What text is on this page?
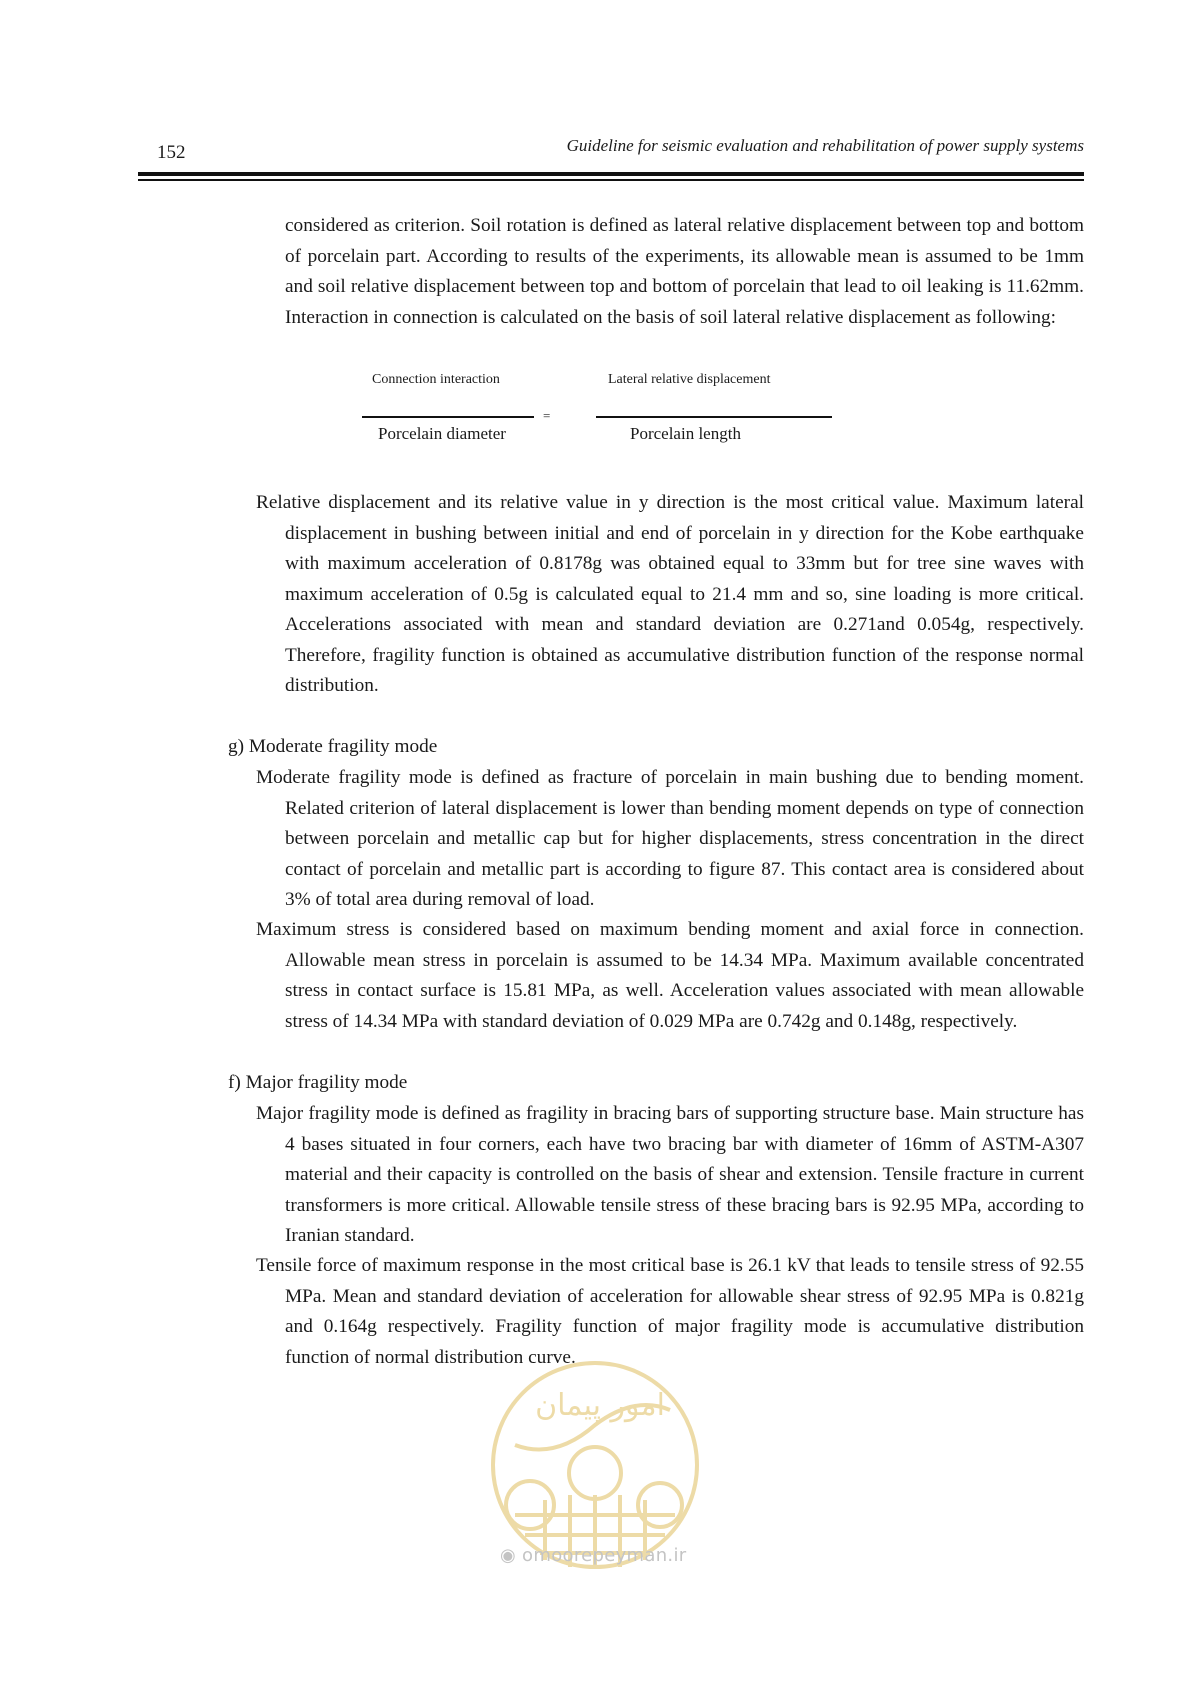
152	Guideline for seismic evaluation and rehabilitation of power supply systems

considered as criterion. Soil rotation is defined as lateral relative displacement between top and bottom of porcelain part. According to results of the experiments, its allowable mean is assumed to be 1mm and soil relative displacement between top and bottom of porcelain that lead to oil leaking is 11.62mm. Interaction in connection is calculated on the basis of soil lateral relative displacement as following:

Connection interaction
Porcelain diameter
=
Lateral relative displacement
Porcelain length

Relative displacement and its relative value in y direction is the most critical value. Maximum lateral displacement in bushing between initial and end of porcelain in y direction for the Kobe earthquake with maximum acceleration of 0.8178g was obtained equal to 33mm but for tree sine waves with maximum acceleration of 0.5g is calculated equal to 21.4 mm and so, sine loading is more critical. Accelerations associated with mean and standard deviation are 0.271and 0.054g, respectively. Therefore, fragility function is obtained as accumulative distribution function of the response normal distribution.

g) Moderate fragility mode

Moderate fragility mode is defined as fracture of porcelain in main bushing due to bending moment. Related criterion of lateral displacement is lower than bending moment depends on type of connection between porcelain and metallic cap but for higher displacements, stress concentration in the direct contact of porcelain and metallic part is according to figure 87. This contact area is considered about 3% of total area during removal of load.

Maximum stress is considered based on maximum bending moment and axial force in connection. Allowable mean stress in porcelain is assumed to be 14.34 MPa. Maximum available concentrated stress in contact surface is 15.81 MPa, as well. Acceleration values associated with mean allowable stress of 14.34 MPa with standard deviation of 0.029 MPa are 0.742g and 0.148g, respectively.

f) Major fragility mode

Major fragility mode is defined as fragility in bracing bars of supporting structure base. Main structure has 4 bases situated in four corners, each have two bracing bar with diameter of 16mm of ASTM-A307 material and their capacity is controlled on the basis of shear and extension. Tensile fracture in current transformers is more critical. Allowable tensile stress of these bracing bars is 92.95 MPa, according to Iranian standard.

Tensile force of maximum response in the most critical base is 26.1 kV that leads to tensile stress of 92.55 MPa. Mean and standard deviation of acceleration for allowable shear stress of 92.95 MPa is 0.821g and 0.164g respectively. Fragility function of major fragility mode is accumulative distribution function of normal distribution curve.

امور پیمان
◉ omoorepeyman.ir
